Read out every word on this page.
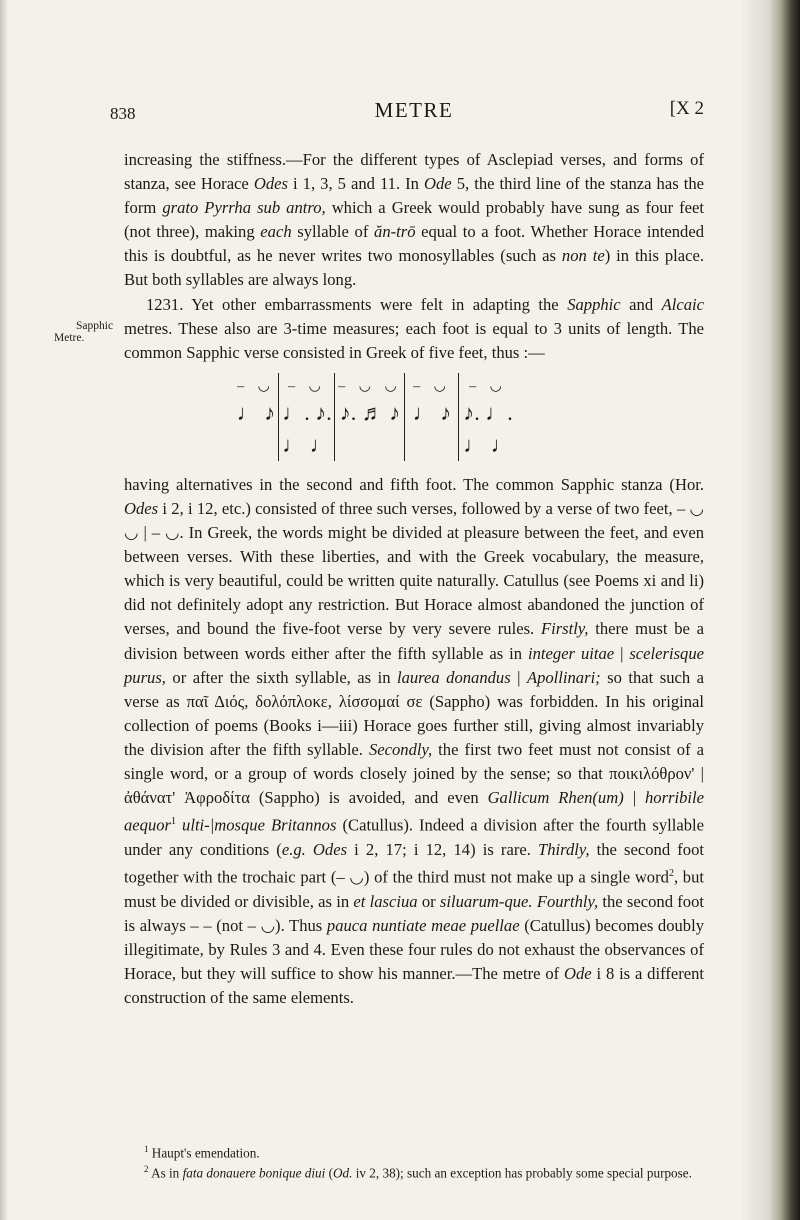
838	METRE	[X 2

increasing the stiffness.—For the different types of Asclepiad verses, and forms of stanza, see Horace Odes i 1, 3, 5 and 11. In Ode 5, the third line of the stanza has the form grato Pyrrha sub antro, which a Greek would probably have sung as four feet (not three), making each syllable of ăn-trō equal to a foot. Whether Horace intended this is doubtful, as he never writes two monosyllables (such as non te) in this place. But both syllables are always long.

Sapphic Metre.
1231. Yet other embarrassments were felt in adapting the Sapphic and Alcaic metres. These also are 3-time measures; each foot is equal to 3 units of length. The common Sapphic verse consisted in Greek of five feet, thus :—

– ◡
♩ ♪
– ◡
♩. ♪.
♩ ♩
– ◡ ◡
♪. ♬ ♪
– ◡
♩ ♪
– ◡
♪. ♩.
♩ ♩

having alternatives in the second and fifth foot. The common Sapphic stanza (Hor. Odes i 2, i 12, etc.) consisted of three such verses, followed by a verse of two feet, – ◡ ◡ | – ◡. In Greek, the words might be divided at pleasure between the feet, and even between verses. With these liberties, and with the Greek vocabulary, the measure, which is very beautiful, could be written quite naturally. Catullus (see Poems xi and li) did not definitely adopt any restriction. But Horace almost abandoned the junction of verses, and bound the five-foot verse by very severe rules. Firstly, there must be a division between words either after the fifth syllable as in integer uitae | scelerisque purus, or after the sixth syllable, as in laurea donandus | Apollinari; so that such a verse as παῖ Διός, δολόπλοκε, λίσσομαί σε (Sappho) was forbidden. In his original collection of poems (Books i—iii) Horace goes further still, giving almost invariably the division after the fifth syllable. Secondly, the first two feet must not consist of a single word, or a group of words closely joined by the sense; so that ποικιλόθρον' | ἀθάνατ' Ἀφροδίτα (Sappho) is avoided, and even Gallicum Rhen(um) | horribile aequor$^1$ ulti-|mosque Britannos (Catullus). Indeed a division after the fourth syllable under any conditions (e.g. Odes i 2, 17; i 12, 14) is rare. Thirdly, the second foot together with the trochaic part (– ◡) of the third must not make up a single word$^2$, but must be divided or divisible, as in et lasciua or siluarum-que. Fourthly, the second foot is always – – (not – ◡). Thus pauca nuntiate meae puellae (Catullus) becomes doubly illegitimate, by Rules 3 and 4. Even these four rules do not exhaust the observances of Horace, but they will suffice to show his manner.—The metre of Ode i 8 is a different construction of the same elements.

$^1$ Haupt's emendation.

$^2$ As in fata donauere bonique diui (Od. iv 2, 38); such an exception has probably some special purpose.
